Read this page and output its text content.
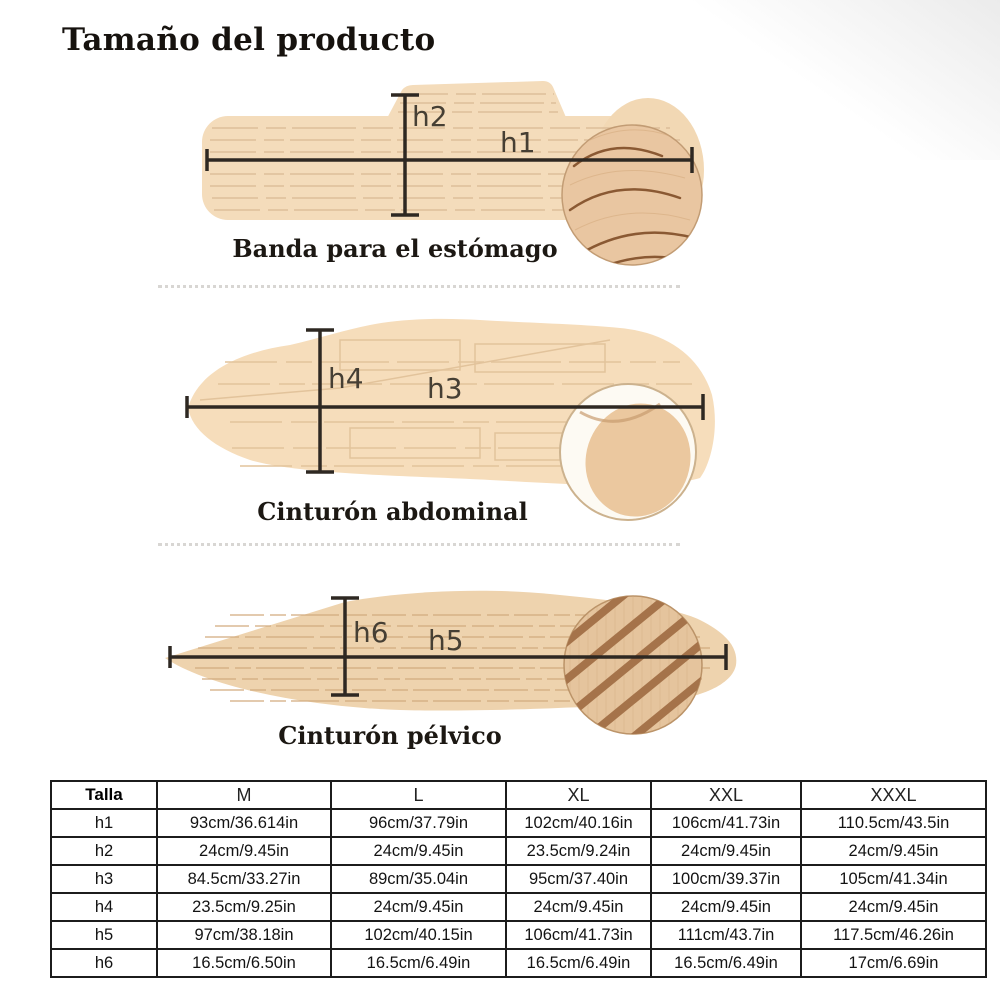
Tamaño del producto
h2
h1
Banda para el estómago
h4 h3
Cinturón abdominal
h6 h5
Cinturón pélvico
Talla	M	L	XL	XXL	XXXL
h1	93cm/36.614in	96cm/37.79in	102cm/40.16in	106cm/41.73in	110.5cm/43.5in
h2	24cm/9.45in	24cm/9.45in	23.5cm/9.24in	24cm/9.45in	24cm/9.45in
h3	84.5cm/33.27in	89cm/35.04in	95cm/37.40in	100cm/39.37in	105cm/41.34in
h4	23.5cm/9.25in	24cm/9.45in	24cm/9.45in	24cm/9.45in	24cm/9.45in
h5	97cm/38.18in	102cm/40.15in	106cm/41.73in	111cm/43.7in	117.5cm/46.26in
h6	16.5cm/6.50in	16.5cm/6.49in	16.5cm/6.49in	16.5cm/6.49in	17cm/6.69in
